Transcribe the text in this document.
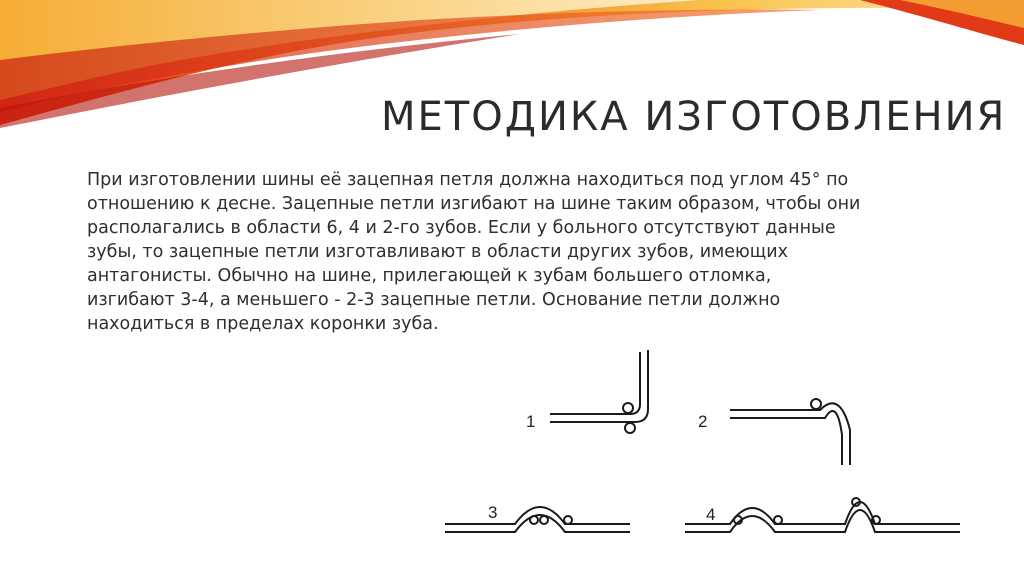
МЕТОДИКА ИЗГОТОВЛЕНИЯ
При изготовлении шины её зацепная петля должна находиться под углом 45° по
отношению к десне. Зацепные петли изгибают на шине таким образом, чтобы они
располагались в области 6, 4 и 2-го зубов. Если у больного отсутствуют данные
зубы, то зацепные петли изготавливают в области других зубов, имеющих
антагонисты. Обычно на шине, прилегающей к зубам большего отломка,
изгибают 3-4, а меньшего - 2-3 зацепные петли. Основание петли должно
находиться в пределах коронки зуба.
1	2
3	4
